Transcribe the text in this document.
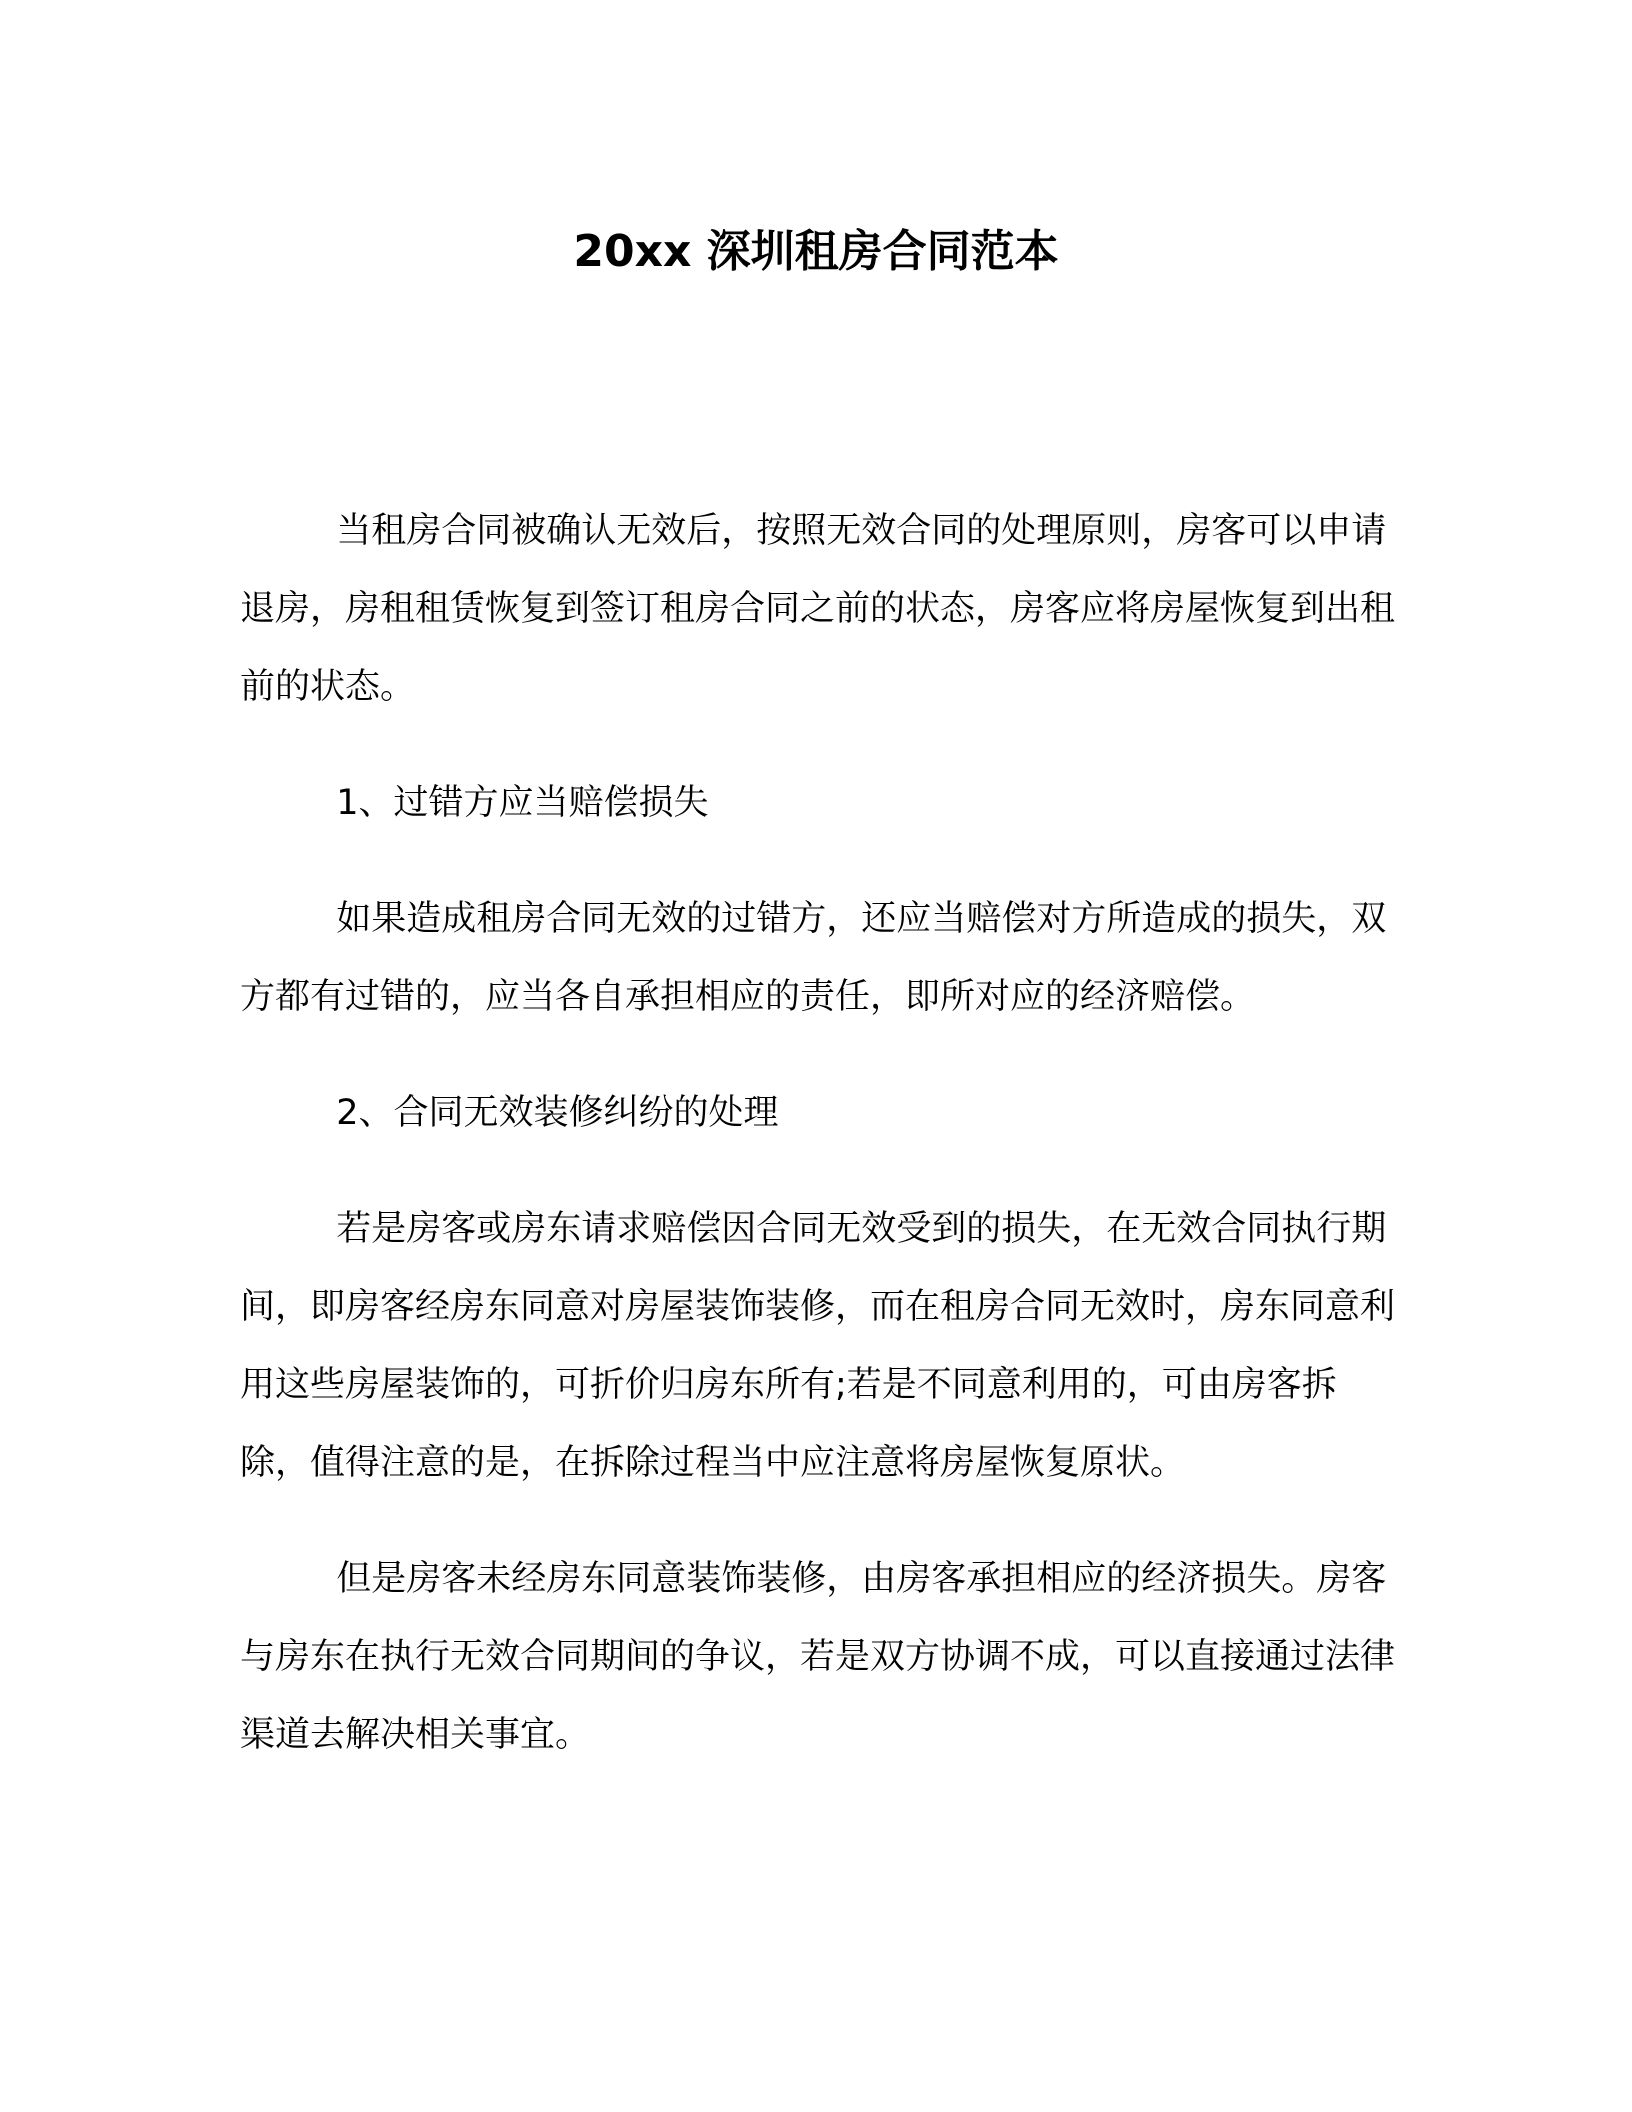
20xx 深圳租房合同范本

当租房合同被确认无效后，按照无效合同的处理原则，房客可以申请退房，房租租赁恢复到签订租房合同之前的状态，房客应将房屋恢复到出租前的状态。

1、过错方应当赔偿损失

如果造成租房合同无效的过错方，还应当赔偿对方所造成的损失，双方都有过错的，应当各自承担相应的责任，即所对应的经济赔偿。

2、合同无效装修纠纷的处理

若是房客或房东请求赔偿因合同无效受到的损失，在无效合同执行期间，即房客经房东同意对房屋装饰装修，而在租房合同无效时，房东同意利用这些房屋装饰的，可折价归房东所有;若是不同意利用的，可由房客拆除，值得注意的是，在拆除过程当中应注意将房屋恢复原状。

但是房客未经房东同意装饰装修，由房客承担相应的经济损失。房客与房东在执行无效合同期间的争议，若是双方协调不成，可以直接通过法律渠道去解决相关事宜。
